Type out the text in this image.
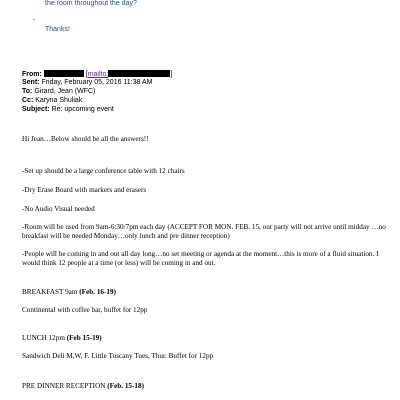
the room throughout the day?
-
Thanks!
From:	[mailto:	]
Sent: Friday, February 05, 2016 11:38 AM
To: Girard, Jean (WFC)
Cc: Karyna Shuliak
Subject: Re: upcoming event
Hi Jean…Below should be all the answers!!
-Set up should be a large conference table with 12 chairs
-Dry Erase Board with markers and erasers
-No Audio Visual needed
-Room will be used from 9am-6:30/7pm each day (ACCEPT FOR MON. FEB. 15, our party will not arrive until midday …no breakfast will be needed Monday…only lunch and pre dinner reception)
-People will be coming in and out all day long…no set meeting or agenda at the moment…this is more of a fluid situation. I would think 12 people at a time (or less) will be coming in and out.
BREAKFAST 9am (Feb. 16-19)
Continental with coffee bar, buffet for 12pp
LUNCH 12pm (Feb 15-19)
Sandwich Deli M,W, F. Little Tuscany Tues, Thur. Buffet for 12pp
PRE DINNER RECEPTION (Feb. 15-18)
